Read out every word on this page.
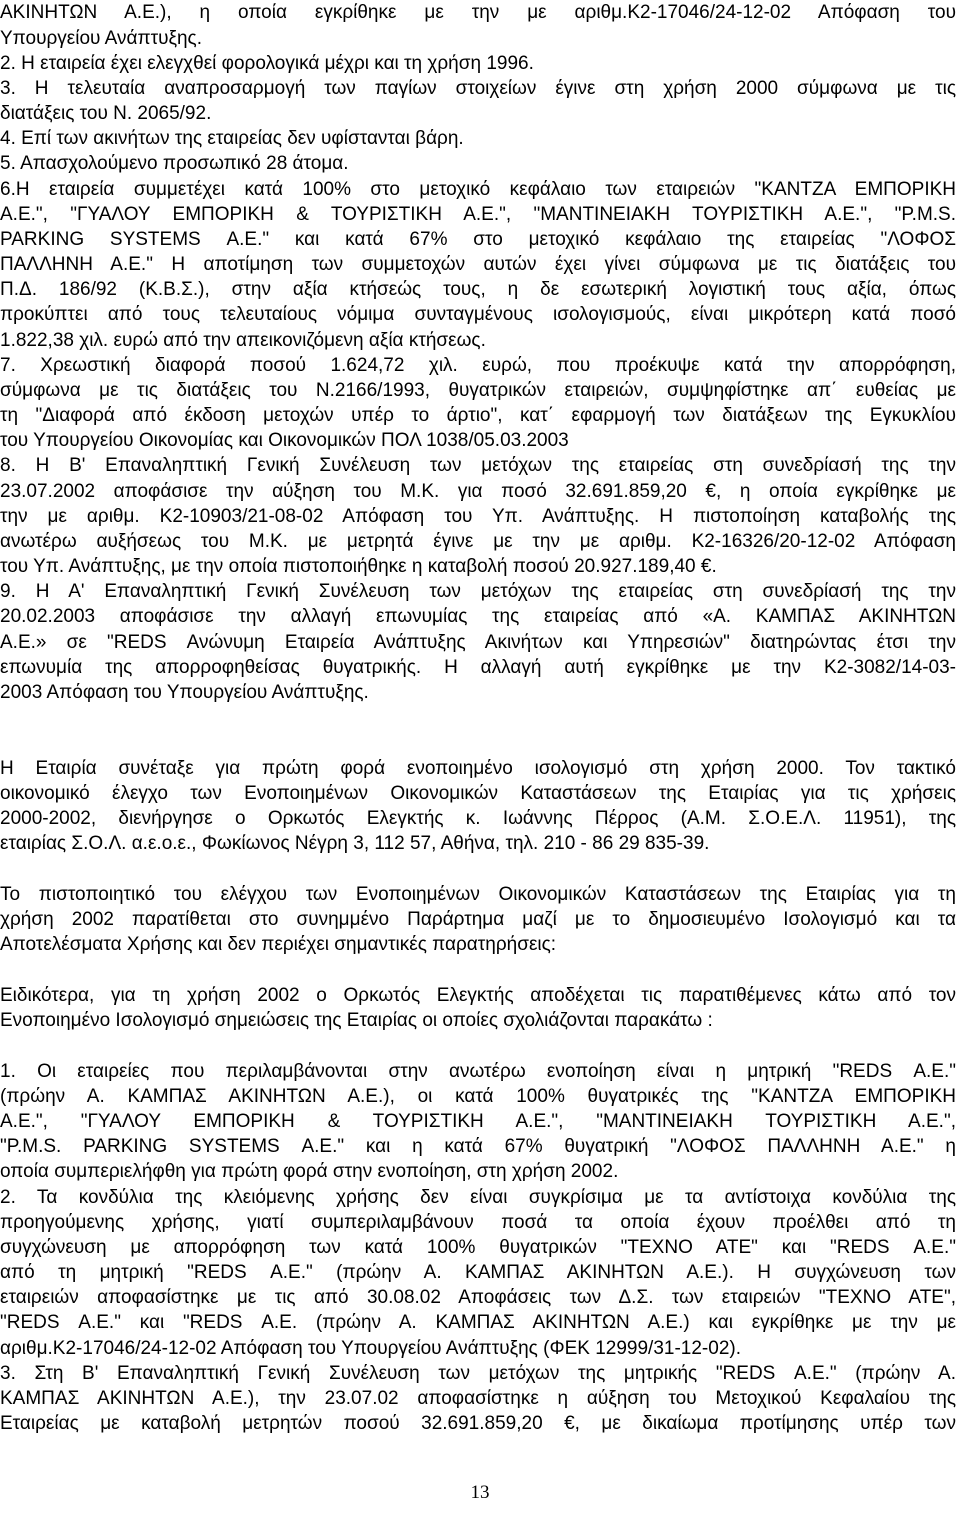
ΑΚΙΝΗΤΩΝ Α.Ε.), η οποία εγκρίθηκε με την με αριθμ.Κ2-17046/24-12-02 Απόφαση του
Υπουργείου Ανάπτυξης.
2. Η εταιρεία έχει ελεγχθεί φορολογικά μέχρι και τη χρήση 1996.
3. Η τελευταία αναπροσαρμογή των παγίων στοιχείων έγινε στη χρήση 2000 σύμφωνα με τις
διατάξεις του Ν. 2065/92.
4. Επί των ακινήτων της εταιρείας δεν υφίστανται βάρη.
5. Απασχολούμενο προσωπικό 28 άτομα.
6.Η εταιρεία συμμετέχει κατά 100% στο μετοχικό κεφάλαιο των εταιρειών "ΚΑΝΤΖΑ ΕΜΠΟΡΙΚΗ
Α.Ε.", "ΓΥΑΛΟΥ ΕΜΠΟΡΙΚΗ & ΤΟΥΡΙΣΤΙΚΗ Α.Ε.", "ΜΑΝΤΙΝΕΙΑΚΗ ΤΟΥΡΙΣΤΙΚΗ Α.Ε.", "Ρ.Μ.S.
PARKING SYSTEMS Α.Ε." και κατά 67% στο μετοχικό κεφάλαιο της εταιρείας "ΛΟΦΟΣ
ΠΑΛΛΗΝΗ Α.Ε." Η αποτίμηση των συμμετοχών αυτών έχει γίνει σύμφωνα με τις διατάξεις του
Π.Δ. 186/92 (Κ.Β.Σ.), στην αξία κτήσεώς τους, η δε εσωτερική λογιστική τους αξία, όπως
προκύπτει από τους τελευταίους νόμιμα συνταγμένους ισολογισμούς, είναι μικρότερη κατά ποσό
1.822,38 χιλ. ευρώ από την απεικονιζόμενη αξία κτήσεως.
7. Χρεωστική διαφορά ποσού 1.624,72 χιλ. ευρώ, που προέκυψε κατά την απορρόφηση,
σύμφωνα με τις διατάξεις του Ν.2166/1993, θυγατρικών εταιρειών, συμψηφίστηκε απ΄ ευθείας με
τη "Διαφορά από έκδοση μετοχών υπέρ το άρτιο", κατ΄ εφαρμογή των διατάξεων της Εγκυκλίου
του Υπουργείου Οικονομίας και Οικονομικών ΠΟΛ 1038/05.03.2003
8. Η Β' Επαναληπτική Γενική Συνέλευση των μετόχων της εταιρείας στη συνεδρίασή της την
23.07.2002 αποφάσισε την αύξηση του Μ.Κ. για ποσό 32.691.859,20 €, η οποία εγκρίθηκε με
την με αριθμ. Κ2-10903/21-08-02 Απόφαση του Υπ. Ανάπτυξης. Η πιστοποίηση καταβολής της
ανωτέρω αυξήσεως του Μ.Κ. με μετρητά έγινε με την με αριθμ. Κ2-16326/20-12-02 Απόφαση
του Υπ. Ανάπτυξης, με την οποία πιστοποιήθηκε η καταβολή ποσού 20.927.189,40 €.
9. Η Α' Επαναληπτική Γενική Συνέλευση των μετόχων της εταιρείας στη συνεδρίασή της την
20.02.2003 αποφάσισε την αλλαγή επωνυμίας της εταιρείας από «Α. ΚΑΜΠΑΣ ΑΚΙΝΗΤΩΝ
Α.Ε.» σε "REDS Ανώνυμη Εταιρεία Ανάπτυξης Ακινήτων και Υπηρεσιών" διατηρώντας έτσι την
επωνυμία της απορροφηθείσας θυγατρικής. Η αλλαγή αυτή εγκρίθηκε με την Κ2-3082/14-03-
2003 Απόφαση του Υπουργείου Ανάπτυξης.
Η Εταιρία συνέταξε για πρώτη φορά ενοποιημένο ισολογισμό στη χρήση 2000. Τον τακτικό
οικονομικό έλεγχο των Ενοποιημένων Οικονομικών Καταστάσεων της Εταιρίας για τις χρήσεις
2000-2002, διενήργησε ο Ορκωτός Ελεγκτής κ. Ιωάννης Πέρρος (Α.Μ. Σ.Ο.Ε.Λ. 11951), της
εταιρίας Σ.Ο.Λ. α.ε.ο.ε., Φωκίωνος Νέγρη 3, 112 57, Αθήνα, τηλ. 210 - 86 29 835-39.
Το πιστοποιητικό του ελέγχου των Ενοποιημένων Οικονομικών Καταστάσεων της Εταιρίας για τη
χρήση 2002 παρατίθεται στο συνημμένο Παράρτημα μαζί με το δημοσιευμένο Ισολογισμό και τα
Αποτελέσματα Χρήσης και δεν περιέχει σημαντικές παρατηρήσεις:
Ειδικότερα, για τη χρήση 2002 ο Ορκωτός Ελεγκτής αποδέχεται τις παρατιθέμενες κάτω από τον
Ενοποιημένο Ισολογισμό σημειώσεις της Εταιρίας οι οποίες σχολιάζονται παρακάτω :
1. Οι εταιρείες που περιλαμβάνονται στην ανωτέρω ενοποίηση είναι η μητρική "REDS Α.Ε."
(πρώην Α. ΚΑΜΠΑΣ ΑΚΙΝΗΤΩΝ Α.Ε.), οι κατά 100% θυγατρικές της "ΚΑΝΤΖΑ ΕΜΠΟΡΙΚΗ
Α.Ε.", "ΓΥΑΛΟΥ ΕΜΠΟΡΙΚΗ & ΤΟΥΡΙΣΤΙΚΗ Α.Ε.", "ΜΑΝΤΙΝΕΙΑΚΗ ΤΟΥΡΙΣΤΙΚΗ Α.Ε.",
"Ρ.Μ.S. PARKING SYSTEMS Α.Ε." και η κατά 67% θυγατρική "ΛΟΦΟΣ ΠΑΛΛΗΝΗ Α.Ε." η
οποία συμπεριελήφθη για πρώτη φορά στην ενοποίηση, στη χρήση 2002.
2. Τα κονδύλια της κλειόμενης χρήσης δεν είναι συγκρίσιμα με τα αντίστοιχα κονδύλια της
προηγούμενης χρήσης, γιατί συμπεριλαμβάνουν ποσά τα οποία έχουν προέλθει από τη
συγχώνευση με απορρόφηση των κατά 100% θυγατρικών "ΤΕΧΝΟ ΑΤΕ" και "REDS Α.Ε."
από τη μητρική "REDS Α.Ε." (πρώην Α. ΚΑΜΠΑΣ ΑΚΙΝΗΤΩΝ Α.Ε.). Η συγχώνευση των
εταιρειών αποφασίστηκε με τις από 30.08.02 Αποφάσεις των Δ.Σ. των εταιρειών "ΤΕΧΝΟ ΑΤΕ",
"REDS Α.Ε." και "REDS Α.Ε. (πρώην Α. ΚΑΜΠΑΣ ΑΚΙΝΗΤΩΝ Α.Ε.) και εγκρίθηκε με την με
αριθμ.Κ2-17046/24-12-02 Απόφαση του Υπουργείου Ανάπτυξης (ΦΕΚ 12999/31-12-02).
3. Στη Β' Επαναληπτική Γενική Συνέλευση των μετόχων της μητρικής "REDS Α.Ε." (πρώην Α.
ΚΑΜΠΑΣ ΑΚΙΝΗΤΩΝ Α.Ε.), την 23.07.02 αποφασίστηκε η αύξηση του Μετοχικού Κεφαλαίου της
Εταιρείας με καταβολή μετρητών ποσού 32.691.859,20 €, με δικαίωμα προτίμησης υπέρ των
13
